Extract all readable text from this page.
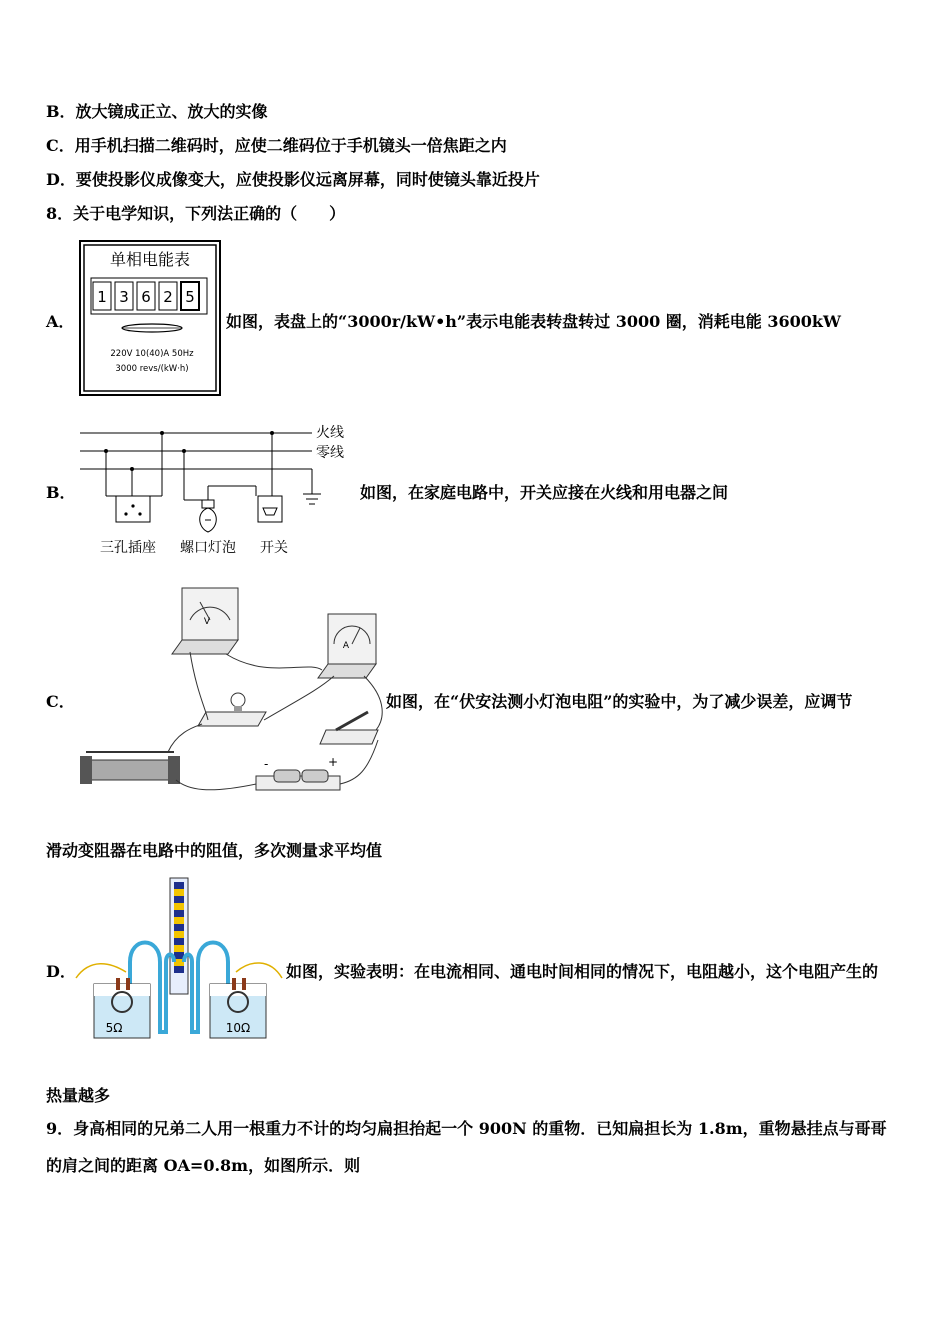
B．放大镜成正立、放大的实像
C．用手机扫描二维码时，应使二维码位于手机镜头一倍焦距之内
D．要使投影仪成像变大，应使投影仪远离屏幕，同时使镜头靠近投片
8．关于电学知识，下列法正确的（　　）
A．
单相电能表
1 3 6 2 5
220V 10(40)A 50Hz
3000 revs/(kW·h)
如图，表盘上的“3000r/kW•h”表示电能表转盘转过 3000 圈，消耗电能 3600kW
B．
火线
零线
三孔插座 螺口灯泡 开关
如图，在家庭电路中，开关应接在火线和用电器之间
C．
V
A
-	+
如图，在“伏安法测小灯泡电阻”的实验中，为了减少误差，应调节
滑动变阻器在电路中的阻值，多次测量求平均值
D．
5Ω	10Ω
如图，实验表明：在电流相同、通电时间相同的情况下，电阻越小，这个电阻产生的
热量越多
9．身高相同的兄弟二人用一根重力不计的均匀扁担抬起一个 900N 的重物．已知扁担长为 1.8m，重物悬挂点与哥哥
的肩之间的距离 OA=0.8m，如图所示．则
